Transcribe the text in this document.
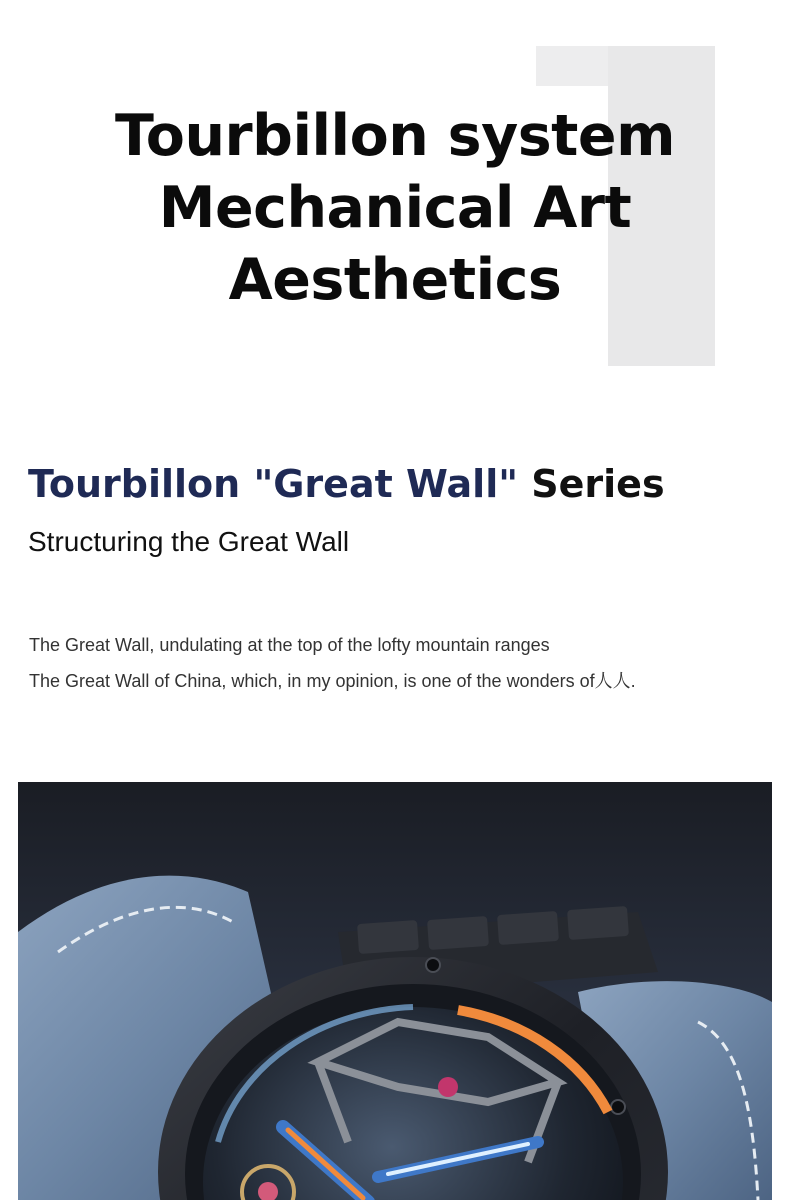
Tourbillon system
Mechanical Art Aesthetics
Tourbillon "Great Wall" Series

Structuring the Great Wall

The Great Wall, undulating at the top of the lofty mountain ranges

The Great Wall of China, which, in my opinion, is one of the wonders of人人.
